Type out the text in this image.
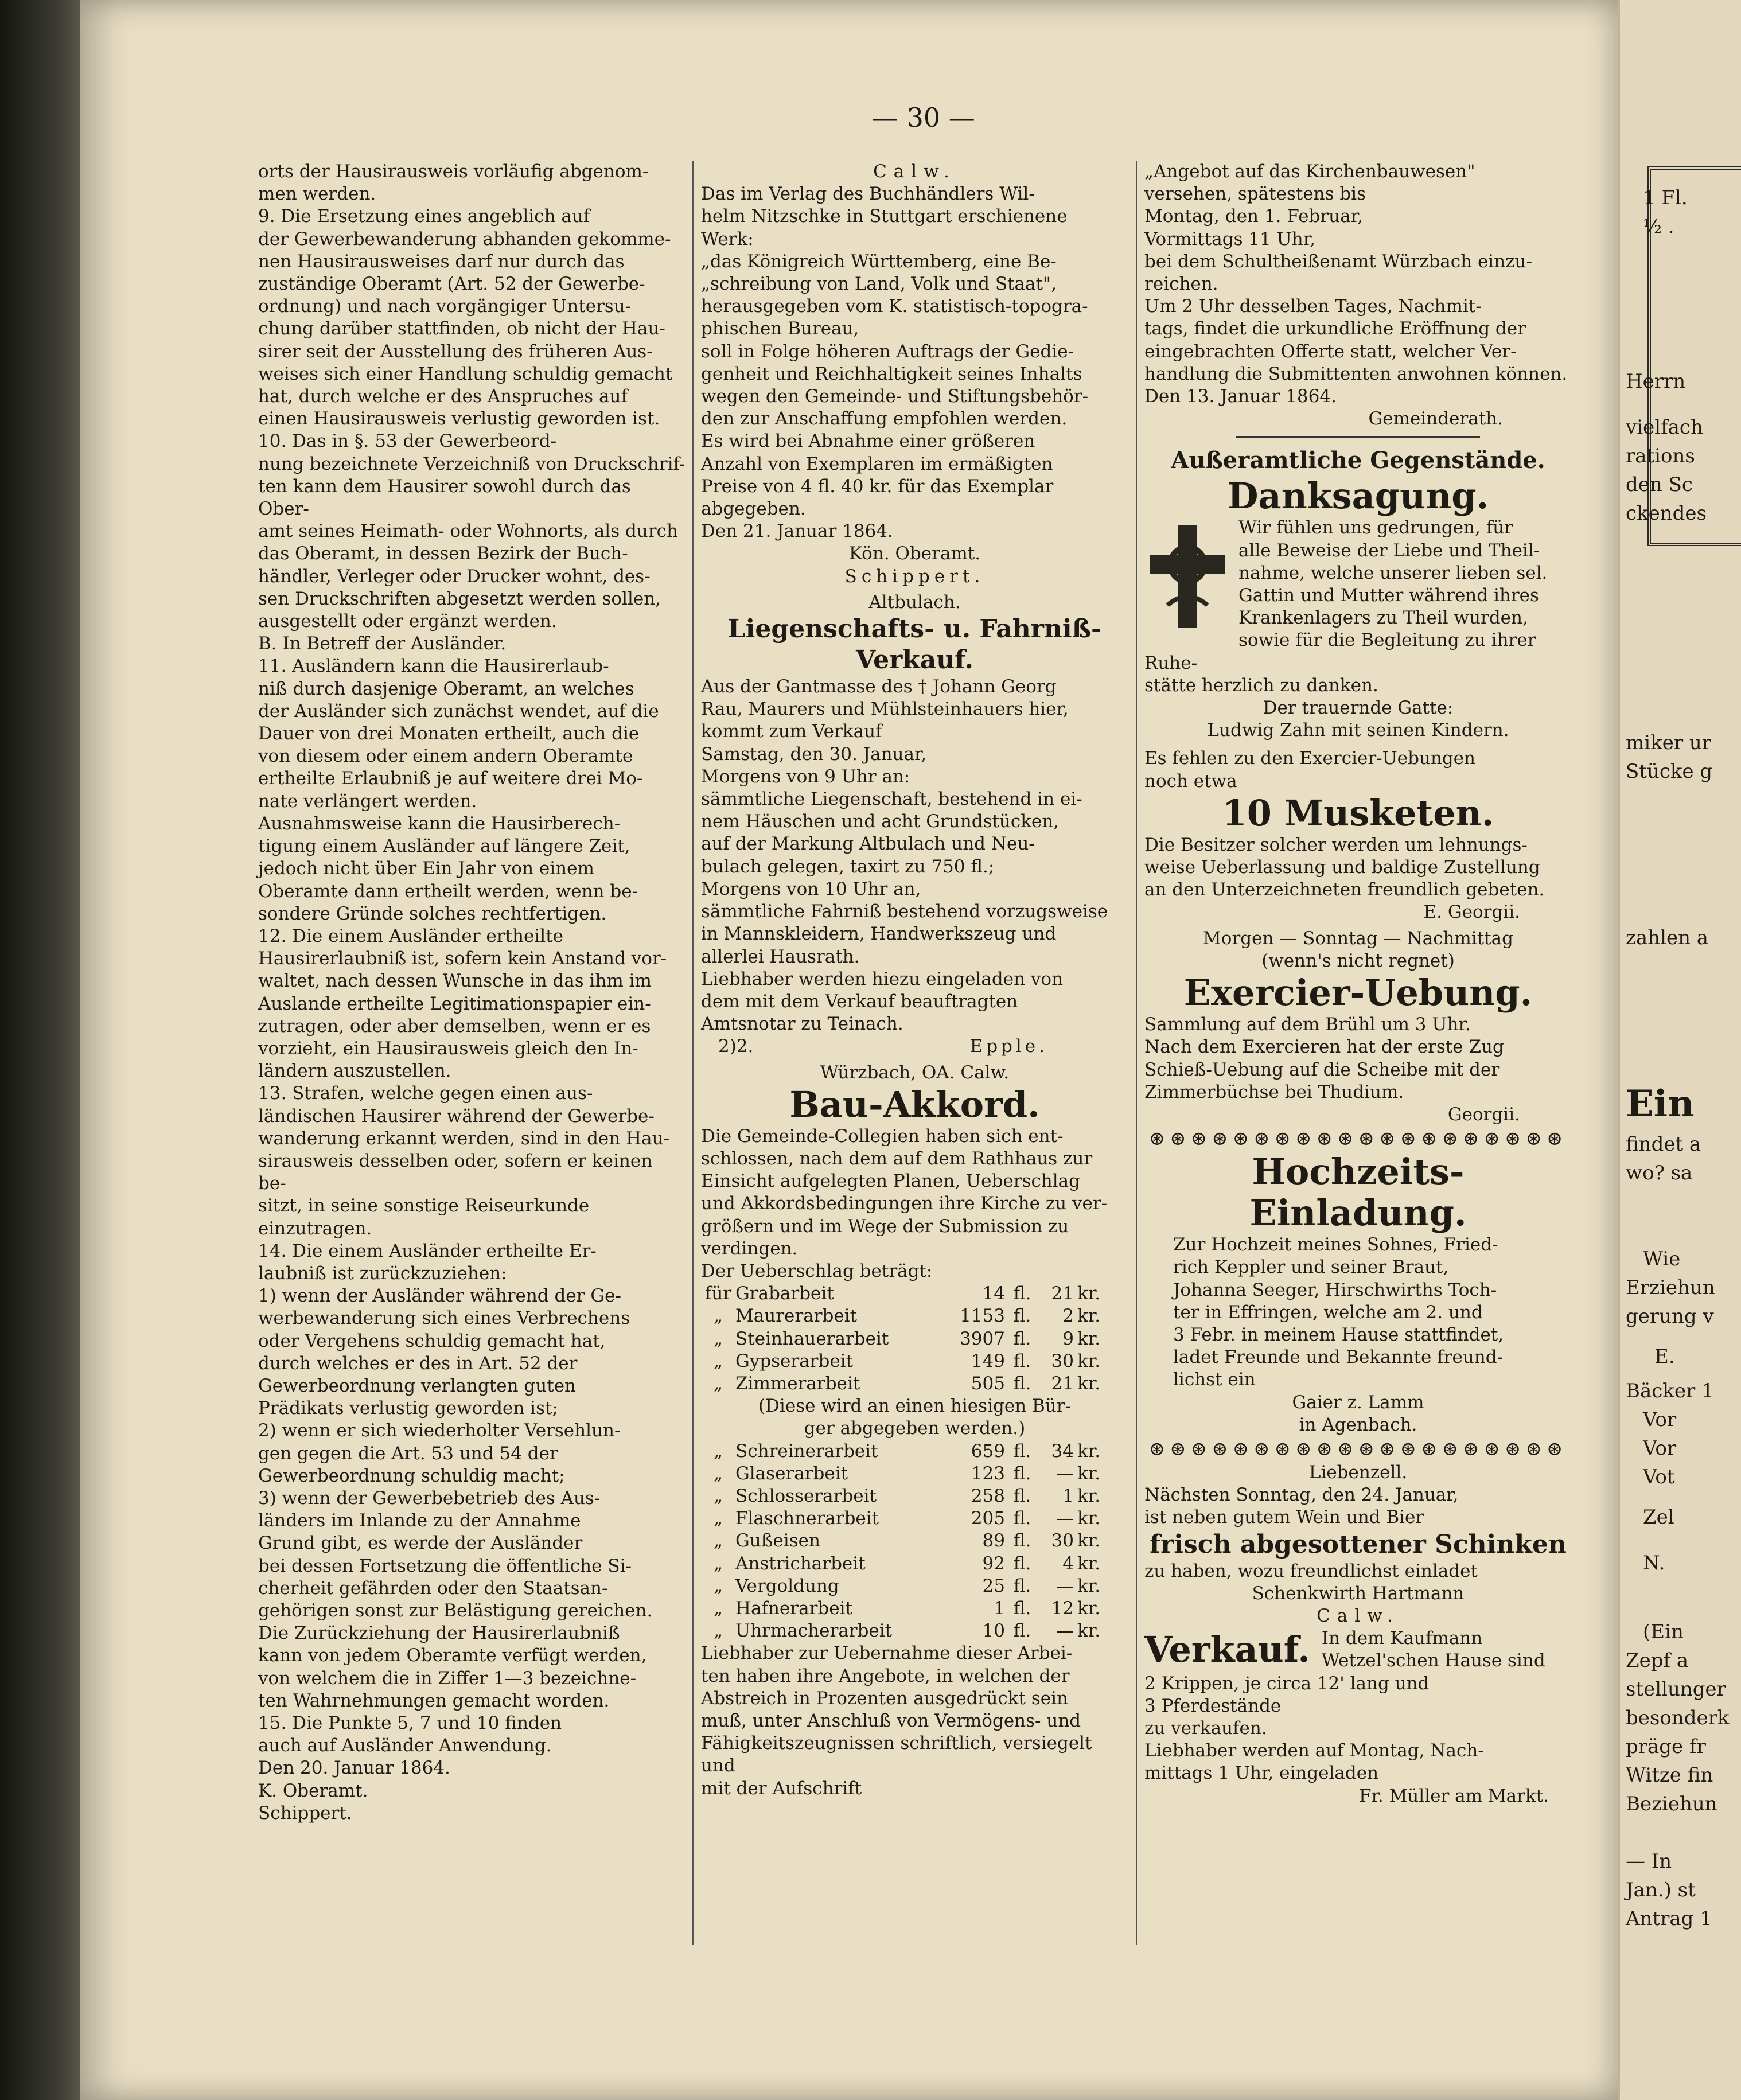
— 30 —

orts der Hausirausweis vorläufig abgenom-

men werden.

9. Die Ersetzung eines angeblich auf

der Gewerbewanderung abhanden gekomme-

nen Hausirausweises darf nur durch das

zuständige Oberamt (Art. 52 der Gewerbe-

ordnung) und nach vorgängiger Untersu-

chung darüber stattfinden, ob nicht der Hau-

sirer seit der Ausstellung des früheren Aus-

weises sich einer Handlung schuldig gemacht

hat, durch welche er des Anspruches auf

einen Hausirausweis verlustig geworden ist.

10. Das in §. 53 der Gewerbeord-

nung bezeichnete Verzeichniß von Druckschrif-

ten kann dem Hausirer sowohl durch das Ober-

amt seines Heimath- oder Wohnorts, als durch

das Oberamt, in dessen Bezirk der Buch-

händler, Verleger oder Drucker wohnt, des-

sen Druckschriften abgesetzt werden sollen,

ausgestellt oder ergänzt werden.

B. In Betreff der Ausländer.

11. Ausländern kann die Hausirerlaub-

niß durch dasjenige Oberamt, an welches

der Ausländer sich zunächst wendet, auf die

Dauer von drei Monaten ertheilt, auch die

von diesem oder einem andern Oberamte

ertheilte Erlaubniß je auf weitere drei Mo-

nate verlängert werden.

Ausnahmsweise kann die Hausirberech-

tigung einem Ausländer auf längere Zeit,

jedoch nicht über Ein Jahr von einem

Oberamte dann ertheilt werden, wenn be-

sondere Gründe solches rechtfertigen.

12. Die einem Ausländer ertheilte

Hausirerlaubniß ist, sofern kein Anstand vor-

waltet, nach dessen Wunsche in das ihm im

Auslande ertheilte Legitimationspapier ein-

zutragen, oder aber demselben, wenn er es

vorzieht, ein Hausirausweis gleich den In-

ländern auszustellen.

13. Strafen, welche gegen einen aus-

ländischen Hausirer während der Gewerbe-

wanderung erkannt werden, sind in den Hau-

sirausweis desselben oder, sofern er keinen be-

sitzt, in seine sonstige Reiseurkunde einzutragen.

14. Die einem Ausländer ertheilte Er-

laubniß ist zurückzuziehen:

1) wenn der Ausländer während der Ge-

werbewanderung sich eines Verbrechens

oder Vergehens schuldig gemacht hat,

durch welches er des in Art. 52 der

Gewerbeordnung verlangten guten

Prädikats verlustig geworden ist;

2) wenn er sich wiederholter Versehlun-

gen gegen die Art. 53 und 54 der

Gewerbeordnung schuldig macht;

3) wenn der Gewerbebetrieb des Aus-

länders im Inlande zu der Annahme

Grund gibt, es werde der Ausländer

bei dessen Fortsetzung die öffentliche Si-

cherheit gefährden oder den Staatsan-

gehörigen sonst zur Belästigung gereichen.

Die Zurückziehung der Hausirerlaubniß

kann von jedem Oberamte verfügt werden,

von welchem die in Ziffer 1—3 bezeichne-

ten Wahrnehmungen gemacht worden.

15. Die Punkte 5, 7 und 10 finden

auch auf Ausländer Anwendung.

Den 20. Januar 1864.

K. Oberamt.

Schippert.

Calw.

Das im Verlag des Buchhändlers Wil-

helm Nitzschke in Stuttgart erschienene

Werk:

„das Königreich Württemberg, eine Be-

„schreibung von Land, Volk und Staat",

herausgegeben vom K. statistisch-topogra-

phischen Bureau,

soll in Folge höheren Auftrags der Gedie-

genheit und Reichhaltigkeit seines Inhalts

wegen den Gemeinde- und Stiftungsbehör-

den zur Anschaffung empfohlen werden.

Es wird bei Abnahme einer größeren

Anzahl von Exemplaren im ermäßigten

Preise von 4 fl. 40 kr. für das Exemplar

abgegeben.

Den 21. Januar 1864.

Kön. Oberamt.

Schippert.

Altbulach.

Liegenschafts- u. Fahrniß-Verkauf.

Aus der Gantmasse des † Johann Georg

Rau, Maurers und Mühlsteinhauers hier,

kommt zum Verkauf

Samstag, den 30. Januar,

Morgens von 9 Uhr an:

sämmtliche Liegenschaft, bestehend in ei-

nem Häuschen und acht Grundstücken,

auf der Markung Altbulach und Neu-

bulach gelegen, taxirt zu 750 fl.;

Morgens von 10 Uhr an,

sämmtliche Fahrniß bestehend vorzugsweise

in Mannskleidern, Handwerkszeug und

allerlei Hausrath.

Liebhaber werden hiezu eingeladen von

dem mit dem Verkauf beauftragten

Amtsnotar zu Teinach.

2)2.	Epple.

Würzbach, OA. Calw.

Bau-Akkord.

Die Gemeinde-Collegien haben sich ent-

schlossen, nach dem auf dem Rathhaus zur

Einsicht aufgelegten Planen, Ueberschlag

und Akkordsbedingungen ihre Kirche zu ver-

größern und im Wege der Submission zu

verdingen.

Der Ueberschlag beträgt:

für Grabarbeit	14 fl.	21 kr.
„ Maurerarbeit	1153 fl.	2 kr.
„ Steinhauerarbeit	3907 fl.	9 kr.
„ Gypserarbeit	149 fl.	30 kr.
„ Zimmerarbeit	505 fl.	21 kr.

(Diese wird an einen hiesigen Bür-

ger abgegeben werden.)

„ Schreinerarbeit	659 fl.	34 kr.
„ Glaserarbeit	123 fl.	— kr.
„ Schlosserarbeit	258 fl.	1 kr.
„ Flaschnerarbeit	205 fl.	— kr.
„ Gußeisen	89 fl.	30 kr.
„ Anstricharbeit	92 fl.	4 kr.
„ Vergoldung	25 fl.	— kr.
„ Hafnerarbeit	1 fl.	12 kr.
„ Uhrmacherarbeit	10 fl.	— kr.

Liebhaber zur Uebernahme dieser Arbei-

ten haben ihre Angebote, in welchen der

Abstreich in Prozenten ausgedrückt sein

muß, unter Anschluß von Vermögens- und

Fähigkeitszeugnissen schriftlich, versiegelt und

mit der Aufschrift

„Angebot auf das Kirchenbauwesen"

versehen, spätestens bis

Montag, den 1. Februar,

Vormittags 11 Uhr,

bei dem Schultheißenamt Würzbach einzu-

reichen.

Um 2 Uhr desselben Tages, Nachmit-

tags, findet die urkundliche Eröffnung der

eingebrachten Offerte statt, welcher Ver-

handlung die Submittenten anwohnen können.

Den 13. Januar 1864.

Gemeinderath.

Außeramtliche Gegenstände.

Danksagung.

Wir fühlen uns gedrungen, für

alle Beweise der Liebe und Theil-

nahme, welche unserer lieben sel.

Gattin und Mutter während ihres

Krankenlagers zu Theil wurden,

sowie für die Begleitung zu ihrer Ruhe-

stätte herzlich zu danken.

Der trauernde Gatte:

Ludwig Zahn mit seinen Kindern.

Es fehlen zu den Exercier-Uebungen

noch etwa

10 Musketen.

Die Besitzer solcher werden um lehnungs-

weise Ueberlassung und baldige Zustellung

an den Unterzeichneten freundlich gebeten.

E. Georgii.

Morgen — Sonntag — Nachmittag

(wenn's nicht regnet)

Exercier-Uebung.

Sammlung auf dem Brühl um 3 Uhr.

Nach dem Exercieren hat der erste Zug

Schieß-Uebung auf die Scheibe mit der

Zimmerbüchse bei Thudium.

Georgii.

⊛⊛⊛⊛⊛⊛⊛⊛⊛⊛⊛⊛⊛⊛⊛⊛⊛⊛⊛⊛

Hochzeits-Einladung.

Zur Hochzeit meines Sohnes, Fried-

rich Keppler und seiner Braut,

Johanna Seeger, Hirschwirths Toch-

ter in Effringen, welche am 2. und

3 Febr. in meinem Hause stattfindet,

ladet Freunde und Bekannte freund-

lichst ein

Gaier z. Lamm

in Agenbach.

⊛⊛⊛⊛⊛⊛⊛⊛⊛⊛⊛⊛⊛⊛⊛⊛⊛⊛⊛⊛

Liebenzell.

Nächsten Sonntag, den 24. Januar,

ist neben gutem Wein und Bier

frisch abgesottener Schinken

zu haben, wozu freundlichst einladet

Schenkwirth Hartmann

Calw.

Verkauf. In dem Kaufmann

Wetzel'schen Hause sind

2 Krippen, je circa 12' lang und

3 Pferdestände

zu verkaufen.

Liebhaber werden auf Montag, Nach-

mittags 1 Uhr, eingeladen

Fr. Müller am Markt.

1 Fl.
½ .
Herrn
vielfach
rations
den Sc
ckendes
miker ur
Stücke g
zahlen a
Ein
findet a
wo? sa
Wie
Erziehun
gerung v
E.
Bäcker 1
Vor
Vor
Vot
Zel
N.
(Ein
Zepf a
stellunger
besonderk
präge fr
Witze fin
Beziehun
— In
Jan.) st
Antrag 1
